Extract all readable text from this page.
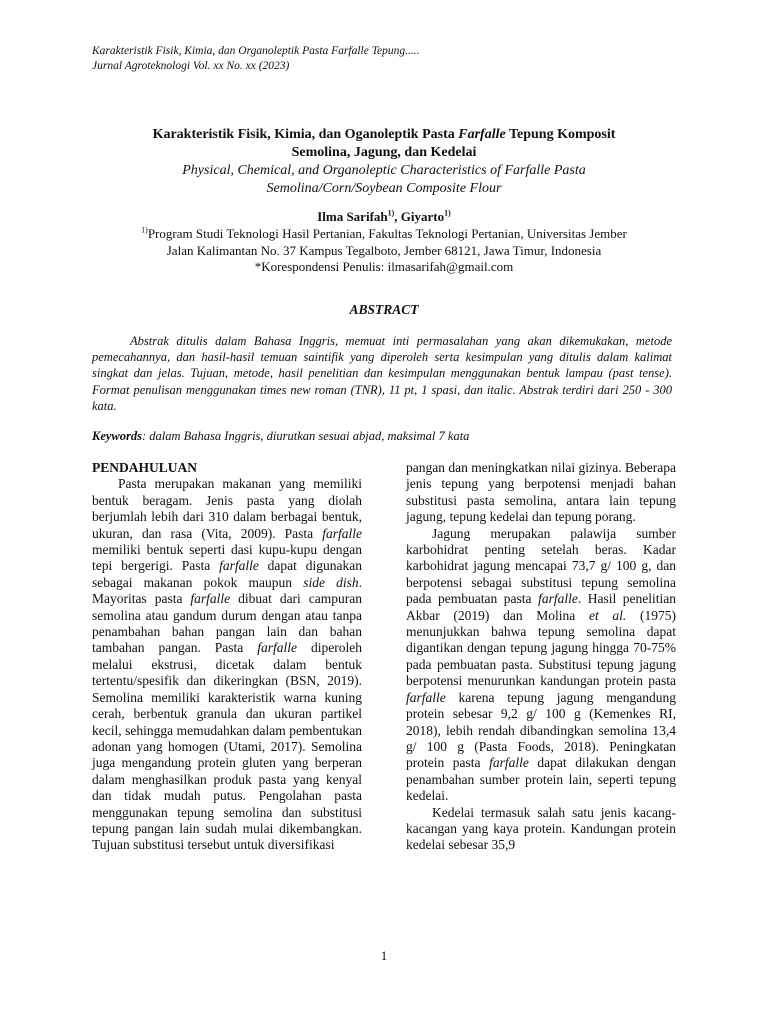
Karakteristik Fisik, Kimia, dan Organoleptik Pasta Farfalle Tepung.....
Jurnal Agroteknologi Vol. xx No. xx (2023)
Karakteristik Fisik, Kimia, dan Oganoleptik Pasta Farfalle Tepung Komposit
Semolina, Jagung, dan Kedelai
Physical, Chemical, and Organoleptic Characteristics of Farfalle Pasta
Semolina/Corn/Soybean Composite Flour
Ilma Sarifah$^{1)}$, Giyarto$^{1)}$
$^{1)}$Program Studi Teknologi Hasil Pertanian, Fakultas Teknologi Pertanian, Universitas Jember
Jalan Kalimantan No. 37 Kampus Tegalboto, Jember 68121, Jawa Timur, Indonesia
*Korespondensi Penulis: ilmasarifah@gmail.com
ABSTRACT
Abstrak ditulis dalam Bahasa Inggris, memuat inti permasalahan yang akan dikemukakan, metode pemecahannya, dan hasil-hasil temuan saintifik yang diperoleh serta kesimpulan yang ditulis dalam kalimat singkat dan jelas. Tujuan, metode, hasil penelitian dan kesimpulan menggunakan bentuk lampau (past tense). Format penulisan menggunakan times new roman (TNR), 11 pt, 1 spasi, dan italic. Abstrak terdiri dari 250 - 300 kata.
Keywords: dalam Bahasa Inggris, diurutkan sesuai abjad, maksimal 7 kata
PENDAHULUAN

Pasta merupakan makanan yang memiliki bentuk beragam. Jenis pasta yang diolah berjumlah lebih dari 310 dalam berbagai bentuk, ukuran, dan rasa (Vita, 2009). Pasta farfalle memiliki bentuk seperti dasi kupu-kupu dengan tepi bergerigi. Pasta farfalle dapat digunakan sebagai makanan pokok maupun side dish. Mayoritas pasta farfalle dibuat dari campuran semolina atau gandum durum dengan atau tanpa penambahan bahan pangan lain dan bahan tambahan pangan. Pasta farfalle diperoleh melalui ekstrusi, dicetak dalam bentuk tertentu/spesifik dan dikeringkan (BSN, 2019). Semolina memiliki karakteristik warna kuning cerah, berbentuk granula dan ukuran partikel kecil, sehingga memudahkan dalam pembentukan adonan yang homogen (Utami, 2017). Semolina juga mengandung protein gluten yang berperan dalam menghasilkan produk pasta yang kenyal dan tidak mudah putus. Pengolahan pasta menggunakan tepung semolina dan substitusi tepung pangan lain sudah mulai dikembangkan. Tujuan substitusi tersebut untuk diversifikasi

pangan dan meningkatkan nilai gizinya. Beberapa jenis tepung yang berpotensi menjadi bahan substitusi pasta semolina, antara lain tepung jagung, tepung kedelai dan tepung porang.

Jagung merupakan palawija sumber karbohidrat penting setelah beras. Kadar karbohidrat jagung mencapai 73,7 g/ 100 g, dan berpotensi sebagai substitusi tepung semolina pada pembuatan pasta farfalle. Hasil penelitian Akbar (2019) dan Molina et al. (1975) menunjukkan bahwa tepung semolina dapat digantikan dengan tepung jagung hingga 70-75% pada pembuatan pasta. Substitusi tepung jagung berpotensi menurunkan kandungan protein pasta farfalle karena tepung jagung mengandung protein sebesar 9,2 g/ 100 g (Kemenkes RI, 2018), lebih rendah dibandingkan semolina 13,4 g/ 100 g (Pasta Foods, 2018). Peningkatan protein pasta farfalle dapat dilakukan dengan penambahan sumber protein lain, seperti tepung kedelai.

Kedelai termasuk salah satu jenis kacang-kacangan yang kaya protein. Kandungan protein kedelai sebesar 35,9

1
